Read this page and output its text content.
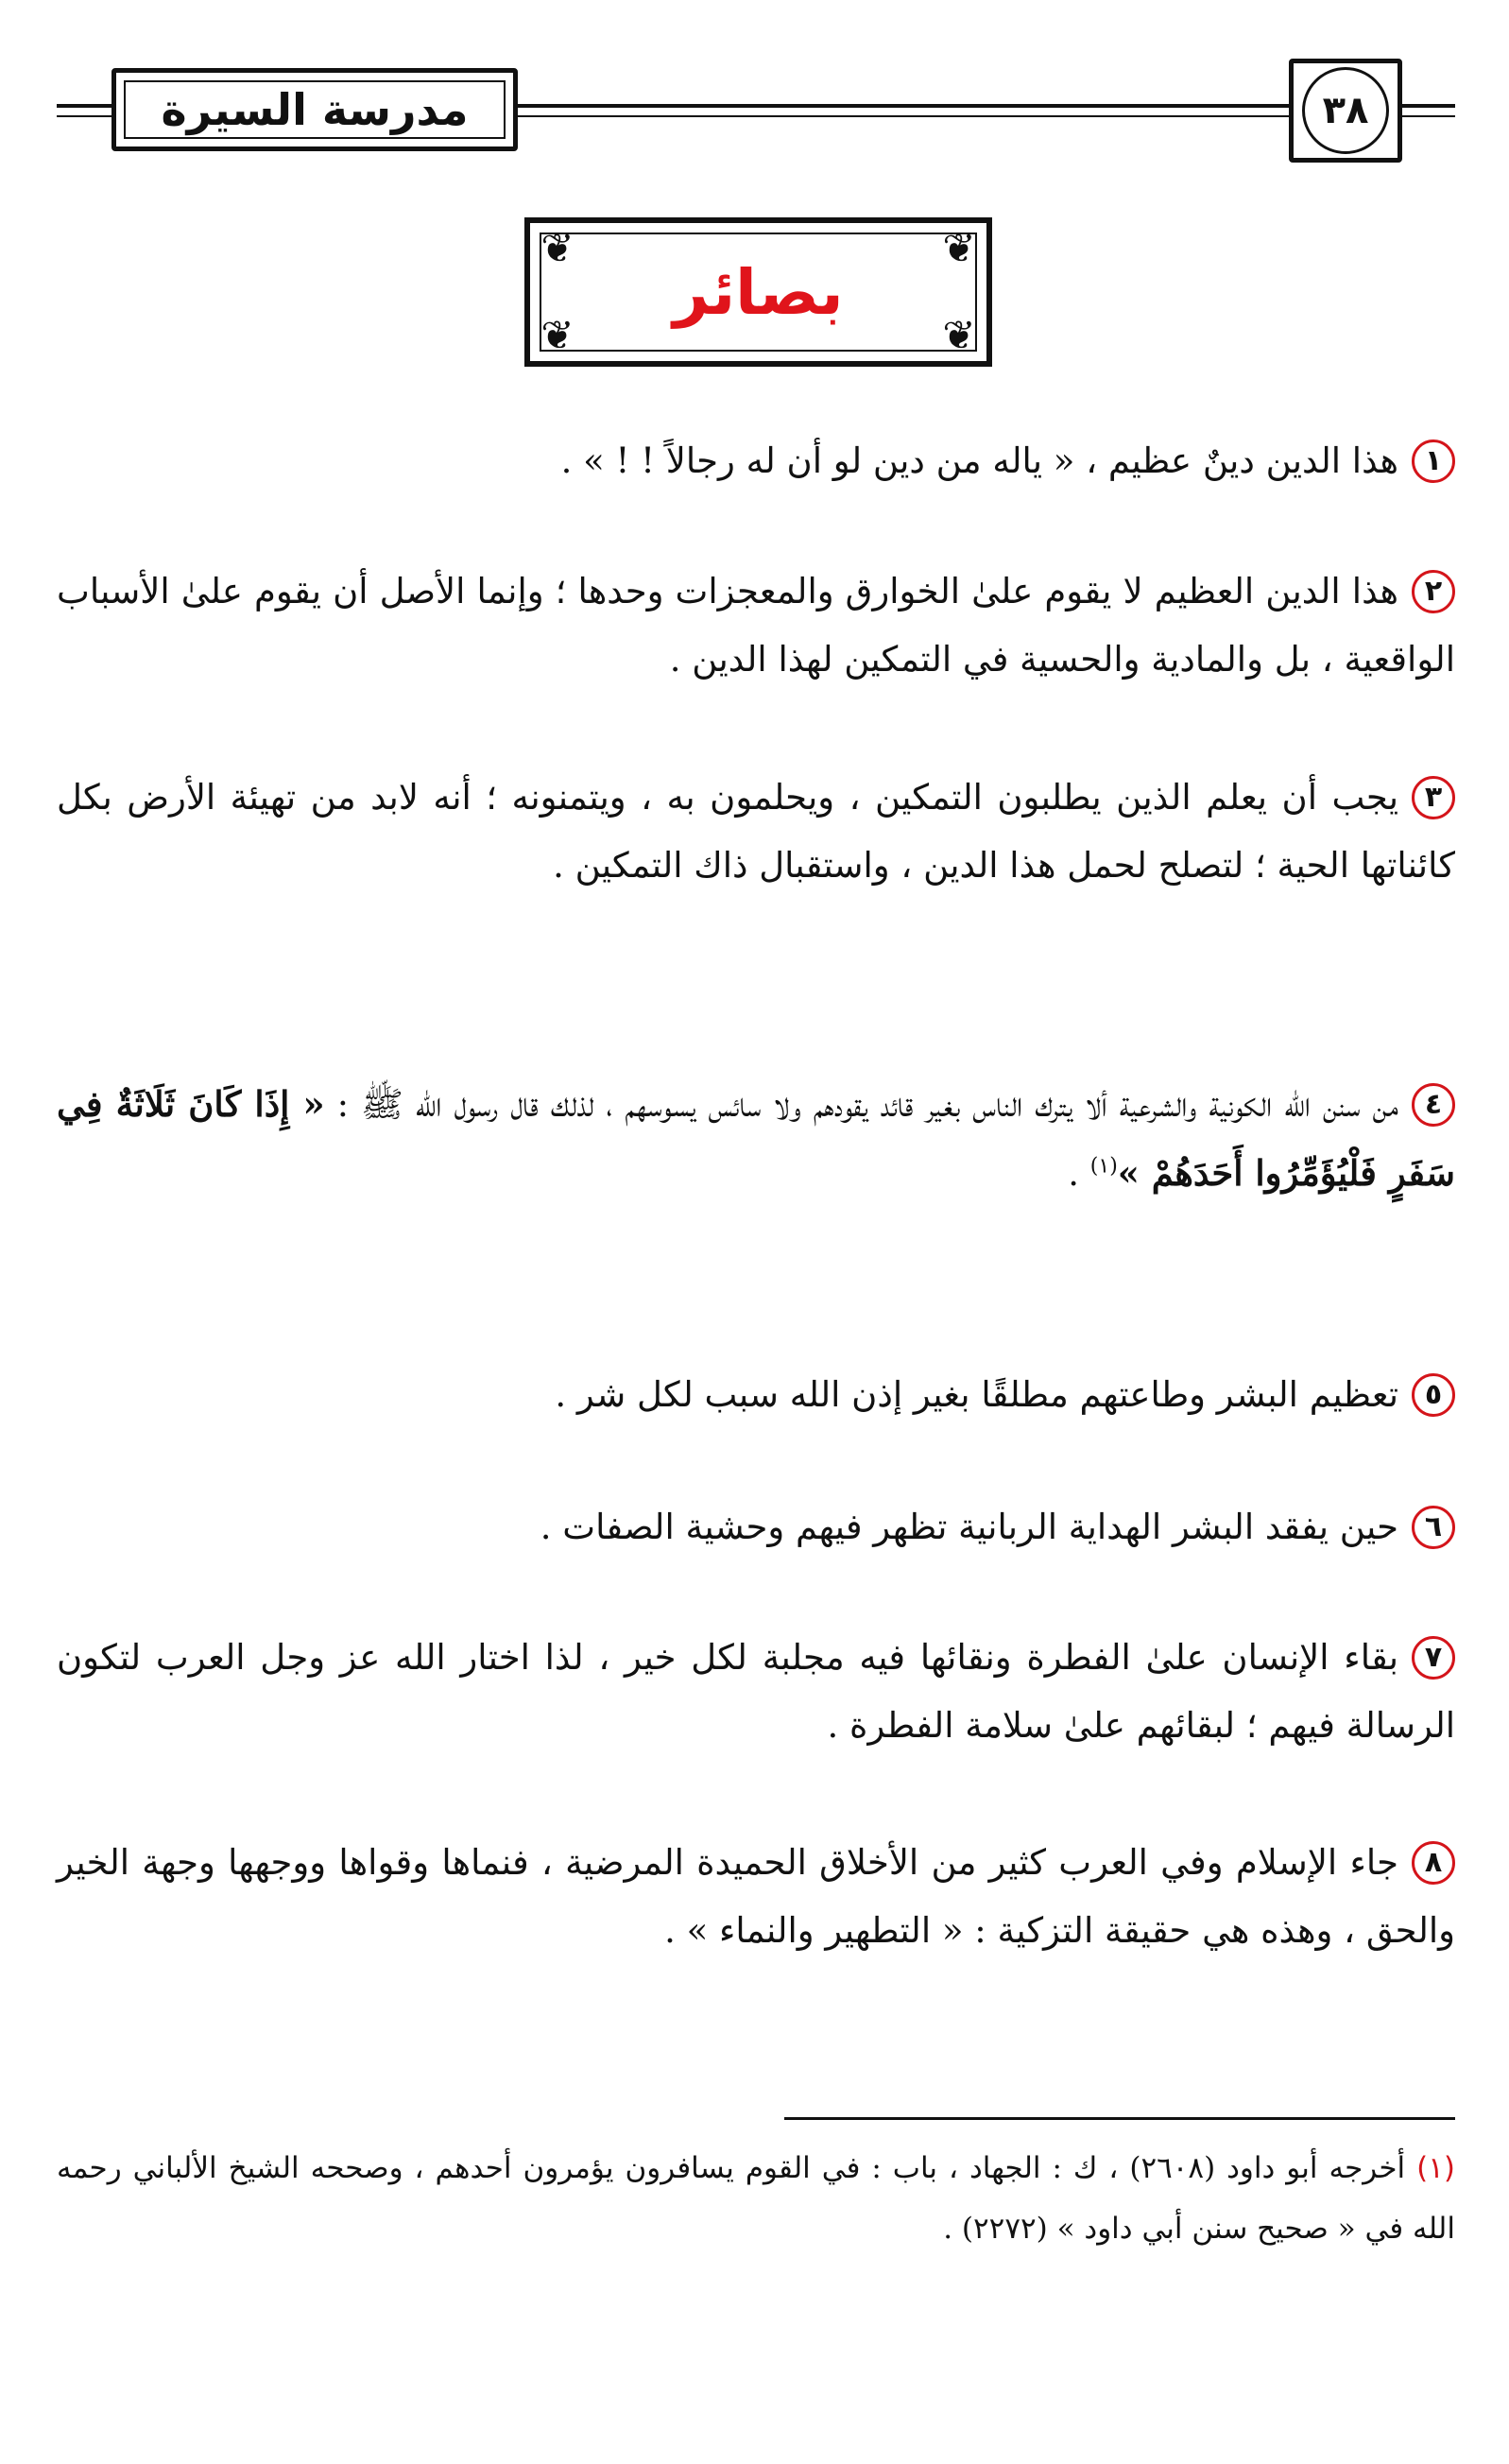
مدرسة السيرة	٣٨
بصائر
❦	❦
❦	❦
١هذا الدين دينٌ عظيم ، « ياله من دين لو أن له رجالاً ! ! » .
٢هذا الدين العظيم لا يقوم علىٰ الخوارق والمعجزات وحدها ؛ وإنما الأصل أن يقوم علىٰ الأسباب الواقعية ، بل والمادية والحسية في التمكين لهذا الدين .
٣يجب أن يعلم الذين يطلبون التمكين ، ويحلمون به ، ويتمنونه ؛ أنه لابد من تهيئة الأرض بكل كائناتها الحية ؛ لتصلح لحمل هذا الدين ، واستقبال ذاك التمكين .
٤من سنن الله الكونية والشرعية ألا يترك الناس بغير قائد يقودهم ولا سائس يسوسهم ، لذلك قال رسول الله ﷺ : « إِذَا كَانَ ثَلَاثَةٌ فِي سَفَرٍ فَلْيُؤَمِّرُوا أَحَدَهُمْ »$^{(١)}$ .
٥تعظيم البشر وطاعتهم مطلقًا بغير إذن الله سبب لكل شر .
٦حين يفقد البشر الهداية الربانية تظهر فيهم وحشية الصفات .
٧بقاء الإنسان علىٰ الفطرة ونقائها فيه مجلبة لكل خير ، لذا اختار الله عز وجل العرب لتكون الرسالة فيهم ؛ لبقائهم علىٰ سلامة الفطرة .
٨جاء الإسلام وفي العرب كثير من الأخلاق الحميدة المرضية ، فنماها وقواها ووجهها وجهة الخير والحق ، وهذه هي حقيقة التزكية : « التطهير والنماء » .
(١) أخرجه أبو داود (٢٦٠٨) ، ك : الجهاد ، باب : في القوم يسافرون يؤمرون أحدهم ، وصححه الشيخ الألباني رحمه الله في « صحيح سنن أبي داود » (٢٢٧٢) .
